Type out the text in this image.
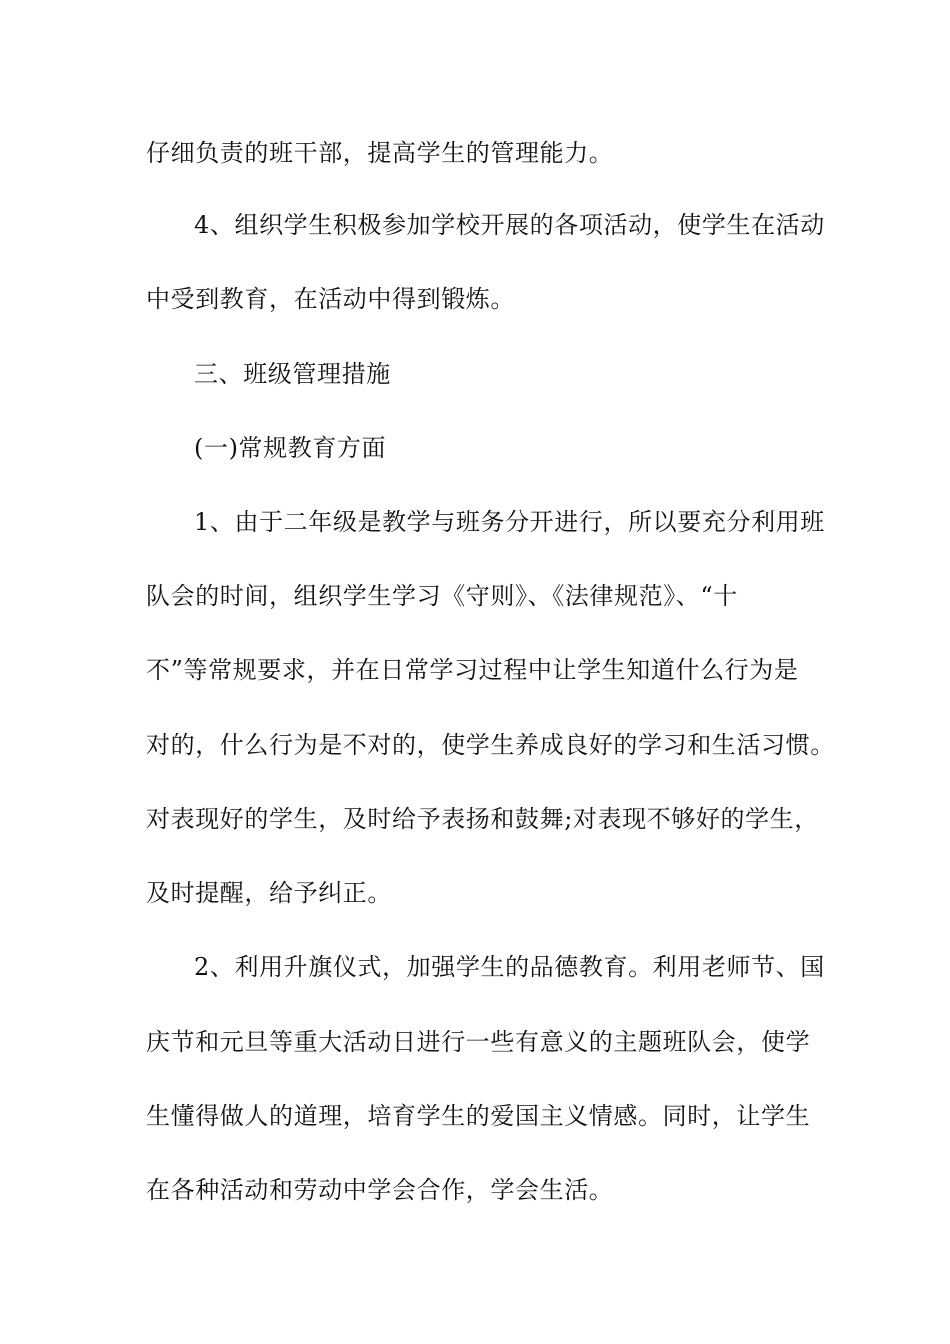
仔细负责的班干部，提高学生的管理能力。
4、组织学生积极参加学校开展的各项活动，使学生在活动
中受到教育，在活动中得到锻炼。
三、班级管理措施
(一)常规教育方面
1、由于二年级是教学与班务分开进行，所以要充分利用班
队会的时间，组织学生学习《守则》、《法律规范》、“十
不”等常规要求，并在日常学习过程中让学生知道什么行为是
对的，什么行为是不对的，使学生养成良好的学习和生活习惯。
对表现好的学生，及时给予表扬和鼓舞;对表现不够好的学生，
及时提醒，给予纠正。
2、利用升旗仪式，加强学生的品德教育。利用老师节、国
庆节和元旦等重大活动日进行一些有意义的主题班队会，使学
生懂得做人的道理，培育学生的爱国主义情感。同时，让学生
在各种活动和劳动中学会合作，学会生活。
